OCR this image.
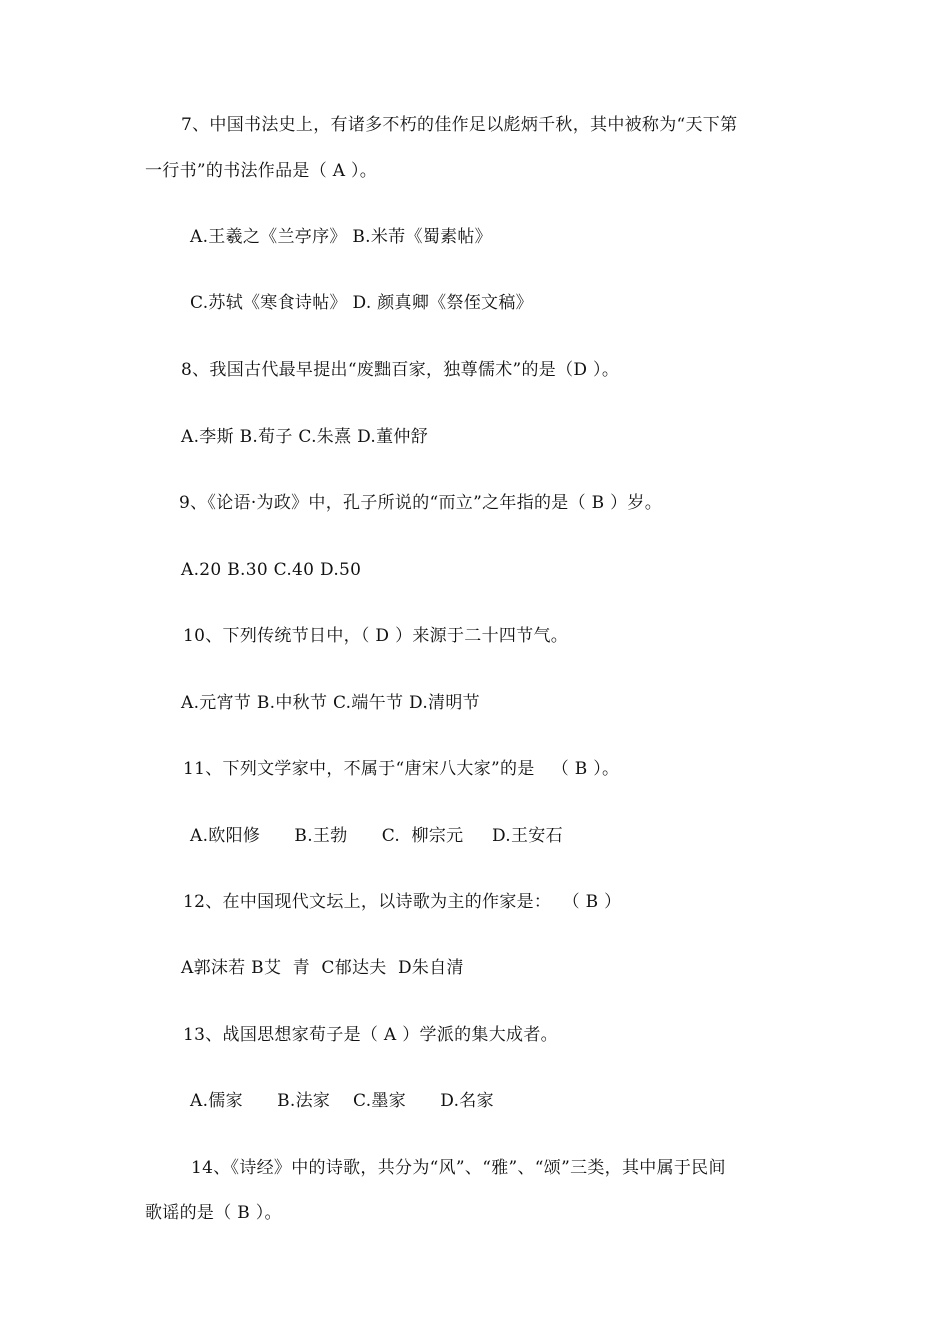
7、中国书法史上，有诸多不朽的佳作足以彪炳千秋，其中被称为“天下第
一行书”的书法作品是（ A ）。
A.王羲之《兰亭序》 B.米芾《蜀素帖》
C.苏轼《寒食诗帖》 D. 颜真卿《祭侄文稿》
8、我国古代最早提出“废黜百家，独尊儒术”的是（D ）。
A.李斯 B.荀子 C.朱熹 D.董仲舒
9、《论语·为政》中，孔子所说的“而立”之年指的是（ B ）岁。
A.20 B.30 C.40 D.50
10、下列传统节日中，（ D ）来源于二十四节气。
A.元宵节 B.中秋节 C.端午节 D.清明节
11、下列文学家中，不属于“唐宋八大家”的是   （ B ）。
A.欧阳修      B.王勃      C.  柳宗元     D.王安石
12、在中国现代文坛上，以诗歌为主的作家是：  （ B ）
A郭沫若 B艾  青  C郁达夫  D朱自清
13、战国思想家荀子是（ A ）学派的集大成者。
A.儒家      B.法家    C.墨家      D.名家
14、《诗经》中的诗歌，共分为“风”、“雅”、“颂”三类，其中属于民间
歌谣的是（ B ）。
